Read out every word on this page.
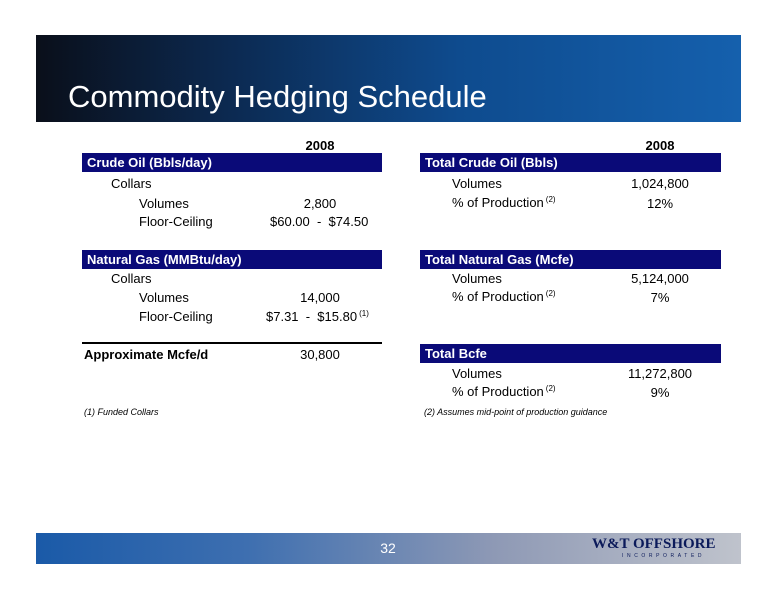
Commodity Hedging Schedule
2008
Crude Oil (Bbls/day)
Collars
Volumes	2,800
Floor-Ceiling	$60.00  -  $74.50
Natural Gas (MMBtu/day)
Collars
Volumes	14,000
Floor-Ceiling	$7.31  -  $15.80 $^{(1)}$
Approximate Mcfe/d	30,800
(1) Funded Collars
2008
Total Crude Oil (Bbls)
Volumes	1,024,800
% of Production $^{(2)}$	12%
Total Natural Gas (Mcfe)
Volumes	5,124,000
% of Production $^{(2)}$	7%
Total Bcfe
Volumes	11,272,800
% of Production $^{(2)}$	9%
(2) Assumes mid-point of production guidance
32	W&T OFFSHORE
INCORPORATED
